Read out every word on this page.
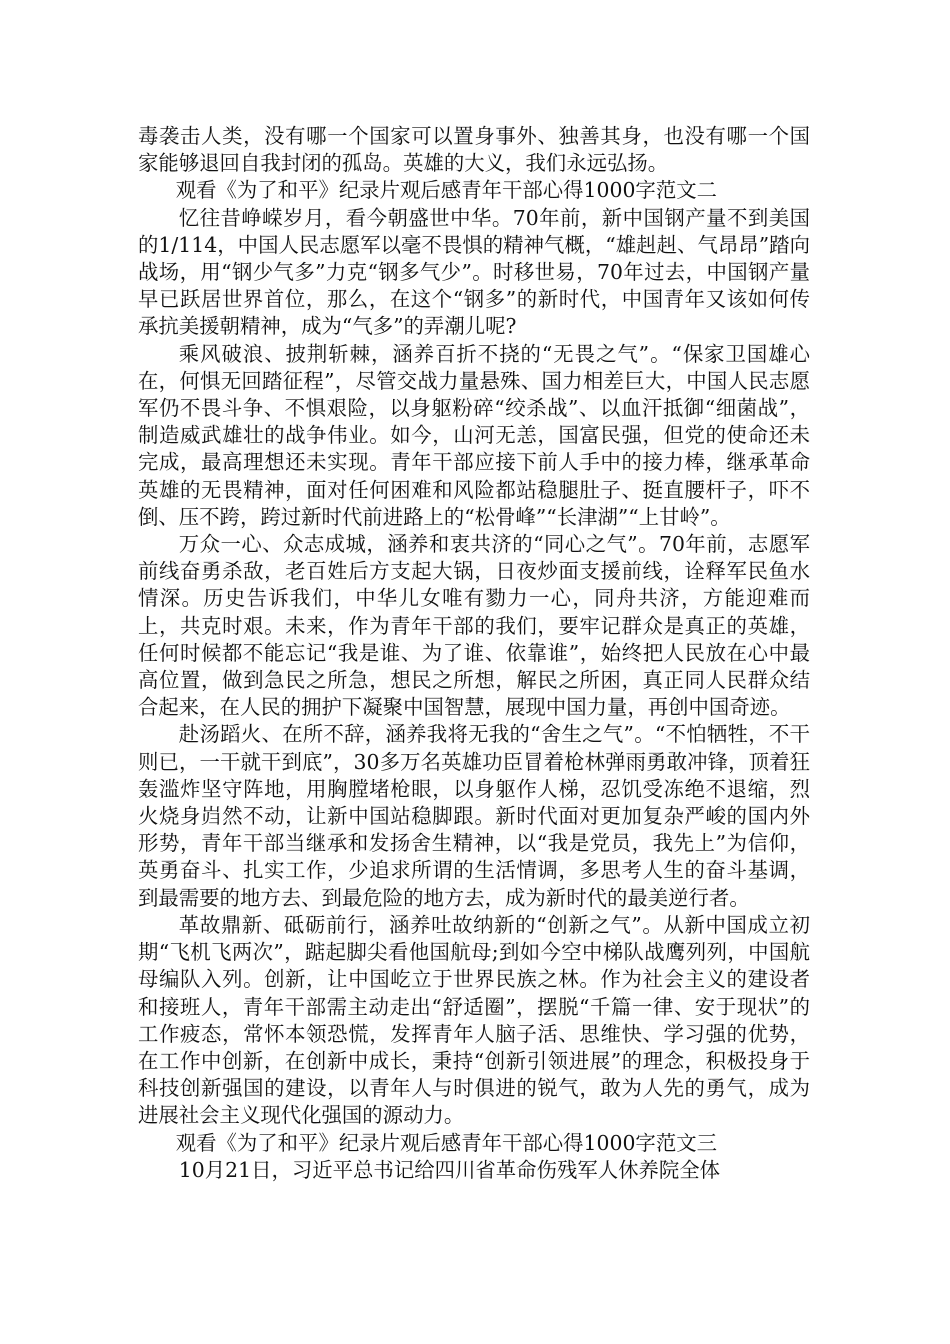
毒袭击人类，没有哪一个国家可以置身事外、独善其身，也没有哪一个国家能够退回自我封闭的孤岛。英雄的大义，我们永远弘扬。

观看《为了和平》纪录片观后感青年干部心得1000字范文二

忆往昔峥嵘岁月，看今朝盛世中华。70年前，新中国钢产量不到美国的1/114，中国人民志愿军以毫不畏惧的精神气概，“雄赳赳、气昂昂”踏向战场，用“钢少气多”力克“钢多气少”。时移世易，70年过去，中国钢产量早已跃居世界首位，那么，在这个“钢多”的新时代，中国青年又该如何传承抗美援朝精神，成为“气多”的弄潮儿呢?

乘风破浪、披荆斩棘，涵养百折不挠的“无畏之气”。“保家卫国雄心在，何惧无回踏征程”，尽管交战力量悬殊、国力相差巨大，中国人民志愿军仍不畏斗争、不惧艰险，以身躯粉碎“绞杀战”、以血汗抵御“细菌战”，制造威武雄壮的战争伟业。如今，山河无恙，国富民强，但党的使命还未完成，最高理想还未实现。青年干部应接下前人手中的接力棒，继承革命英雄的无畏精神，面对任何困难和风险都站稳腿肚子、挺直腰杆子，吓不倒、压不跨，跨过新时代前进路上的“松骨峰”“长津湖”“上甘岭”。

万众一心、众志成城，涵养和衷共济的“同心之气”。70年前，志愿军前线奋勇杀敌，老百姓后方支起大锅，日夜炒面支援前线，诠释军民鱼水情深。历史告诉我们，中华儿女唯有勠力一心，同舟共济，方能迎难而上，共克时艰。未来，作为青年干部的我们，要牢记群众是真正的英雄，任何时候都不能忘记“我是谁、为了谁、依靠谁”，始终把人民放在心中最高位置，做到急民之所急，想民之所想，解民之所困，真正同人民群众结合起来，在人民的拥护下凝聚中国智慧，展现中国力量，再创中国奇迹。

赴汤蹈火、在所不辞，涵养我将无我的“舍生之气”。“不怕牺牲，不干则已，一干就干到底”，30多万名英雄功臣冒着枪林弹雨勇敢冲锋，顶着狂轰滥炸坚守阵地，用胸膛堵枪眼，以身躯作人梯，忍饥受冻绝不退缩，烈火烧身岿然不动，让新中国站稳脚跟。新时代面对更加复杂严峻的国内外形势，青年干部当继承和发扬舍生精神，以“我是党员，我先上”为信仰，英勇奋斗、扎实工作，少追求所谓的生活情调，多思考人生的奋斗基调，到最需要的地方去、到最危险的地方去，成为新时代的最美逆行者。

革故鼎新、砥砺前行，涵养吐故纳新的“创新之气”。从新中国成立初期“飞机飞两次”，踮起脚尖看他国航母;到如今空中梯队战鹰列列，中国航母编队入列。创新，让中国屹立于世界民族之林。作为社会主义的建设者和接班人，青年干部需主动走出“舒适圈”，摆脱“千篇一律、安于现状”的工作疲态，常怀本领恐慌，发挥青年人脑子活、思维快、学习强的优势，在工作中创新，在创新中成长，秉持“创新引领进展”的理念，积极投身于科技创新强国的建设，以青年人与时俱进的锐气，敢为人先的勇气，成为进展社会主义现代化强国的源动力。

观看《为了和平》纪录片观后感青年干部心得1000字范文三

10月21日，习近平总书记给四川省革命伤残军人休养院全体
